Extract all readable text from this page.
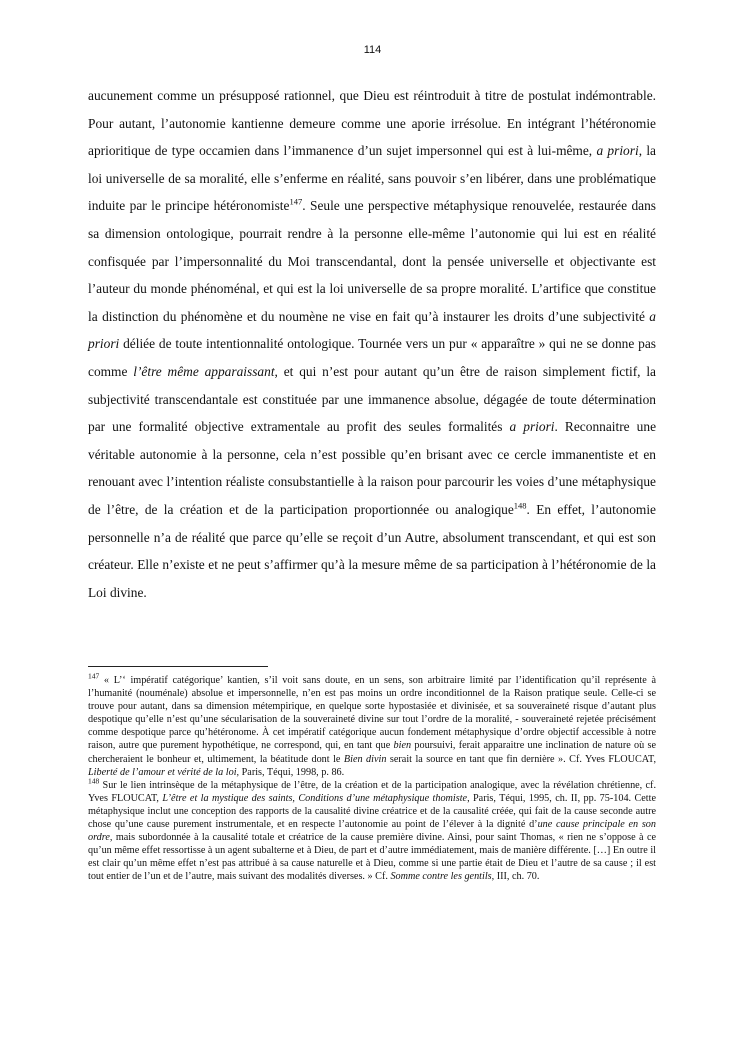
114

aucunement comme un présupposé rationnel, que Dieu est réintroduit à titre de postulat indémontrable. Pour autant, l’autonomie kantienne demeure comme une aporie irrésolue. En intégrant l’hétéronomie aprioritique de type occamien dans l’immanence d’un sujet impersonnel qui est à lui-même, a priori, la loi universelle de sa moralité, elle s’enferme en réalité, sans pouvoir s’en libérer, dans une problématique induite par le principe hétéronomiste$^{147}$. Seule une perspective métaphysique renouvelée, restaurée dans sa dimension ontologique, pourrait rendre à la personne elle-même l’autonomie qui lui est en réalité confisquée par l’impersonnalité du Moi transcendantal, dont la pensée universelle et objectivante est l’auteur du monde phénoménal, et qui est la loi universelle de sa propre moralité. L’artifice que constitue la distinction du phénomène et du noumène ne vise en fait qu’à instaurer les droits d’une subjectivité a priori déliée de toute intentionnalité ontologique. Tournée vers un pur « apparaître » qui ne se donne pas comme l’être même apparaissant, et qui n’est pour autant qu’un être de raison simplement fictif, la subjectivité transcendantale est constituée par une immanence absolue, dégagée de toute détermination par une formalité objective extramentale au profit des seules formalités a priori. Reconnaitre une véritable autonomie à la personne, cela n’est possible qu’en brisant avec ce cercle immanentiste et en renouant avec l’intention réaliste consubstantielle à la raison pour parcourir les voies d’une métaphysique de l’être, de la création et de la participation proportionnée ou analogique$^{148}$. En effet, l’autonomie personnelle n’a de réalité que parce qu’elle se reçoit d’un Autre, absolument transcendant, et qui est son créateur. Elle n’existe et ne peut s’affirmer qu’à la mesure même de sa participation à l’hétéronomie de la Loi divine.

$^{147}$ « L’‘ impératif catégorique’ kantien, s’il voit sans doute, en un sens, son arbitraire limité par l’identification qu’il représente à l’humanité (nouménale) absolue et impersonnelle, n’en est pas moins un ordre inconditionnel de la Raison pratique seule. Celle-ci se trouve pour autant, dans sa dimension métempirique, en quelque sorte hypostasiée et divinisée, et sa souveraineté risque d’autant plus despotique qu’elle n’est qu’une sécularisation de la souveraineté divine sur tout l’ordre de la moralité, - souveraineté rejetée précisément comme despotique parce qu’hétéronome. À cet impératif catégorique aucun fondement métaphysique d’ordre objectif accessible à notre raison, autre que purement hypothétique, ne correspond, qui, en tant que bien poursuivi, ferait apparaitre une inclination de nature où se chercheraient le bonheur et, ultimement, la béatitude dont le Bien divin serait la source en tant que fin dernière ». Cf. Yves FLOUCAT, Liberté de l’amour et vérité de la loi, Paris, Téqui, 1998, p. 86.

$^{148}$ Sur le lien intrinsèque de la métaphysique de l’être, de la création et de la participation analogique, avec la révélation chrétienne, cf. Yves FLOUCAT, L’être et la mystique des saints, Conditions d’une métaphysique thomiste, Paris, Téqui, 1995, ch. II, pp. 75-104. Cette métaphysique inclut une conception des rapports de la causalité divine créatrice et de la causalité créée, qui fait de la cause seconde autre chose qu’une cause purement instrumentale, et en respecte l’autonomie au point de l’élever à la dignité d’une cause principale en son ordre, mais subordonnée à la causalité totale et créatrice de la cause première divine. Ainsi, pour saint Thomas, « rien ne s’oppose à ce qu’un même effet ressortisse à un agent subalterne et à Dieu, de part et d’autre immédiatement, mais de manière différente. […] En outre il est clair qu’un même effet n’est pas attribué à sa cause naturelle et à Dieu, comme si une partie était de Dieu et l’autre de sa cause ; il est tout entier de l’un et de l’autre, mais suivant des modalités diverses. » Cf. Somme contre les gentils, III, ch. 70.
